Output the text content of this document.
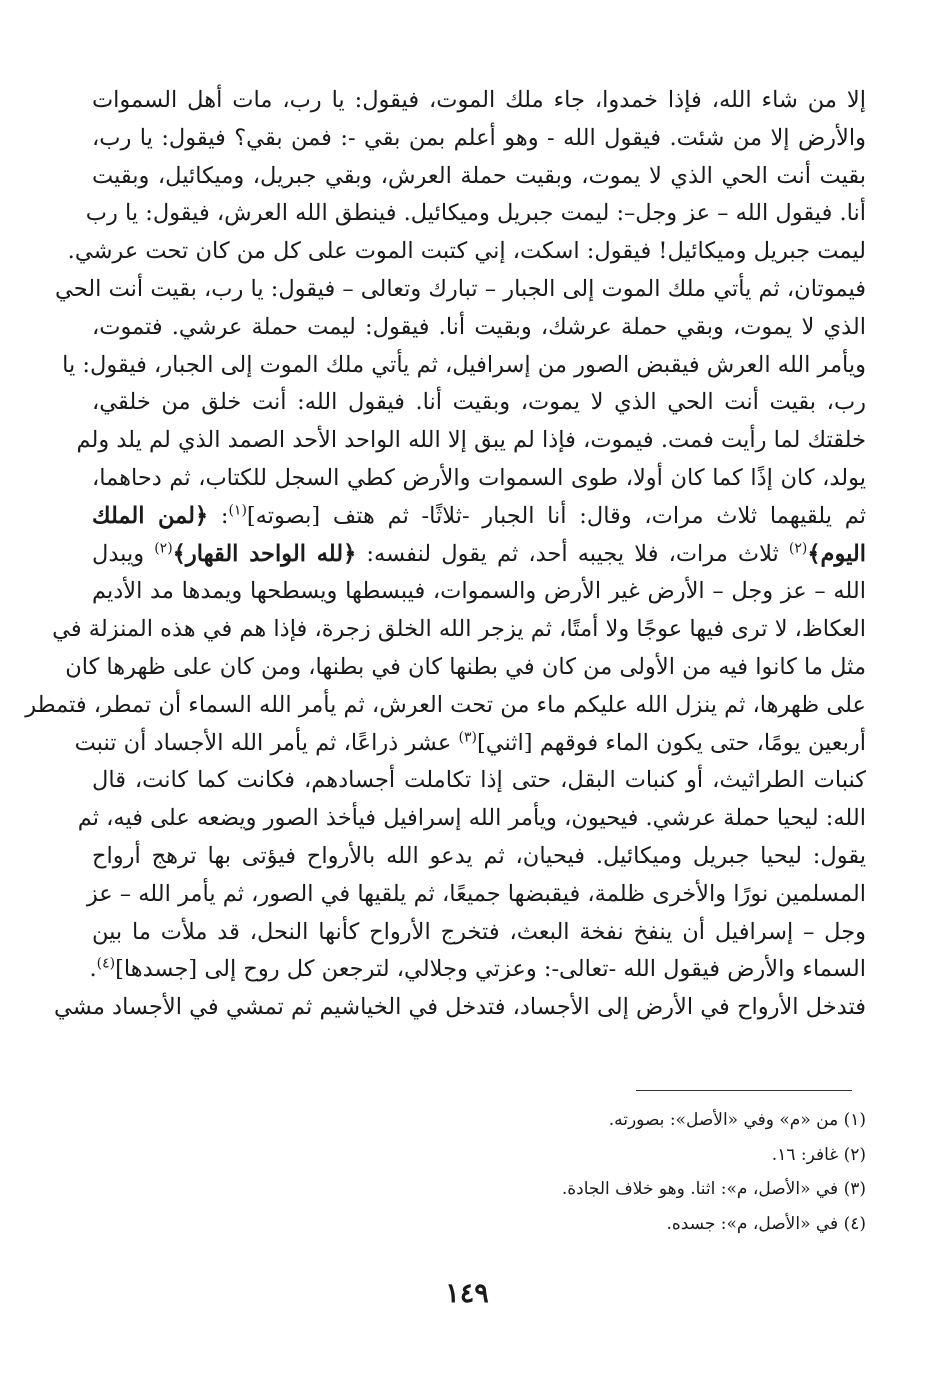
إلا من شاء الله، فإذا خمدوا، جاء ملك الموت، فيقول: يا رب، مات أهل السموات
والأرض إلا من شئت. فيقول الله - وهو أعلم بمن بقي -: فمن بقي؟ فيقول: يا رب،
بقيت أنت الحي الذي لا يموت، وبقيت حملة العرش، وبقي جبريل، وميكائيل، وبقيت
أنا. فيقول الله – عز وجل–: ليمت جبريل وميكائيل. فينطق الله العرش، فيقول: يا رب
ليمت جبريل وميكائيل! فيقول: اسكت، إني كتبت الموت على كل من كان تحت عرشي.
فيموتان، ثم يأتي ملك الموت إلى الجبار – تبارك وتعالى – فيقول: يا رب، بقيت أنت الحي
الذي لا يموت، وبقي حملة عرشك، وبقيت أنا. فيقول: ليمت حملة عرشي. فتموت،
ويأمر الله العرش فيقبض الصور من إسرافيل، ثم يأتي ملك الموت إلى الجبار، فيقول: يا
رب، بقيت أنت الحي الذي لا يموت، وبقيت أنا. فيقول الله: أنت خلق من خلقي،
خلقتك لما رأيت فمت. فيموت، فإذا لم يبق إلا الله الواحد الأحد الصمد الذي لم يلد ولم
يولد، كان إذًا كما كان أولا، طوى السموات والأرض كطي السجل للكتاب، ثم دحاهما،
ثم يلقيهما ثلاث مرات، وقال: أنا الجبار -ثلاثًا- ثم هتف [بصوته]$^{(١)}$: ﴿لمن الملك
اليوم﴾$^{(٢)}$ ثلاث مرات، فلا يجيبه أحد، ثم يقول لنفسه: ﴿لله الواحد القهار﴾$^{(٢)}$ ويبدل
الله – عز وجل – الأرض غير الأرض والسموات، فيبسطها ويسطحها ويمدها مد الأديم
العكاظ، لا ترى فيها عوجًا ولا أمتًا، ثم يزجر الله الخلق زجرة، فإذا هم في هذه المنزلة في
مثل ما كانوا فيه من الأولى من كان في بطنها كان في بطنها، ومن كان على ظهرها كان
على ظهرها، ثم ينزل الله عليكم ماء من تحت العرش، ثم يأمر الله السماء أن تمطر، فتمطر
أربعين يومًا، حتى يكون الماء فوقهم [اثني]$^{(٣)}$ عشر ذراعًا، ثم يأمر الله الأجساد أن تنبت
كنبات الطراثيث، أو كنبات البقل، حتى إذا تكاملت أجسادهم، فكانت كما كانت، قال
الله: ليحيا حملة عرشي. فيحيون، ويأمر الله إسرافيل فيأخذ الصور ويضعه على فيه، ثم
يقول: ليحيا جبريل وميكائيل. فيحيان، ثم يدعو الله بالأرواح فيؤتى بها ترهج أرواح
المسلمين نورًا والأخرى ظلمة، فيقبضها جميعًا، ثم يلقيها في الصور، ثم يأمر الله – عز
وجل – إسرافيل أن ينفخ نفخة البعث، فتخرج الأرواح كأنها النحل، قد ملأت ما بين
السماء والأرض فيقول الله -تعالى-: وعزتي وجلالي، لترجعن كل روح إلى [جسدها]$^{(٤)}$.
فتدخل الأرواح في الأرض إلى الأجساد، فتدخل في الخياشيم ثم تمشي في الأجساد مشي
(١) من «م» وفي «الأصل»: بصورته.
(٢) غافر: ١٦.
(٣) في «الأصل، م»: اثنا. وهو خلاف الجادة.
(٤) في «الأصل، م»: جسده.
١٤٩
